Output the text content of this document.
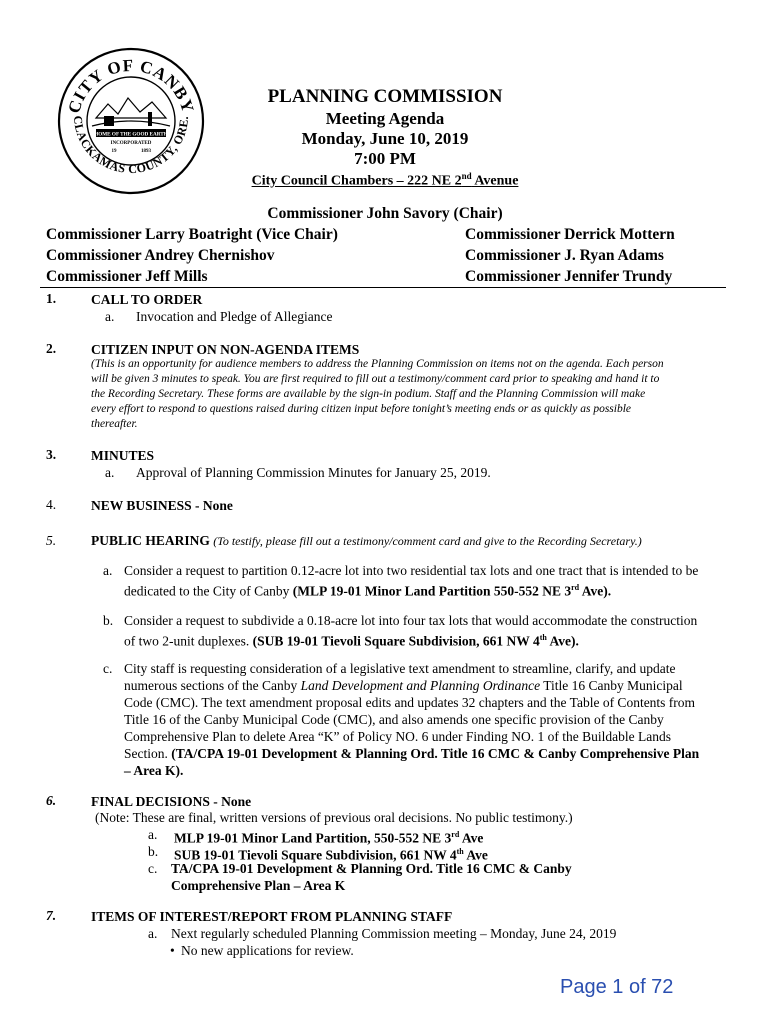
CITY OF CANBY
CLACKAMAS COUNTY, ORE.
HOME OF THE GOOD EARTH
INCORPORATED
19	1893
PLANNING COMMISSION
Meeting Agenda
Monday, June 10, 2019
7:00 PM
City Council Chambers – 222 NE 2nd Avenue
Commissioner John Savory (Chair)
Commissioner Larry Boatright (Vice Chair)
Commissioner Andrey Chernishov
Commissioner Jeff Mills
Commissioner Derrick Mottern
Commissioner J. Ryan Adams
Commissioner Jennifer Trundy
1.	CALL TO ORDER
a. Invocation and Pledge of Allegiance
2.	CITIZEN INPUT ON NON-AGENDA ITEMS
(This is an opportunity for audience members to address the Planning Commission on items not on the agenda. Each person
will be given 3 minutes to speak. You are first required to fill out a testimony/comment card prior to speaking and hand it to
the Recording Secretary. These forms are available by the sign-in podium. Staff and the Planning Commission will make
every effort to respond to questions raised during citizen input before tonight’s meeting ends or as quickly as possible
thereafter.
3.	MINUTES
a. Approval of Planning Commission Minutes for January 25, 2019.
4.	NEW BUSINESS - None
5.	PUBLIC HEARING (To testify, please fill out a testimony/comment card and give to the Recording Secretary.)
a. Consider a request to partition 0.12-acre lot into two residential tax lots and one tract that is intended to be
dedicated to the City of Canby (MLP 19-01 Minor Land Partition 550-552 NE 3rd Ave).
b. Consider a request to subdivide a 0.18-acre lot into four tax lots that would accommodate the construction
of two 2-unit duplexes. (SUB 19-01 Tievoli Square Subdivision, 661 NW 4th Ave).
c. City staff is requesting consideration of a legislative text amendment to streamline, clarify, and update
numerous sections of the Canby Land Development and Planning Ordinance Title 16 Canby Municipal
Code (CMC). The text amendment proposal edits and updates 32 chapters and the Table of Contents from
Title 16 of the Canby Municipal Code (CMC), and also amends one specific provision of the Canby
Comprehensive Plan to delete Area “K” of Policy NO. 6 under Finding NO. 1 of the Buildable Lands
Section. (TA/CPA 19-01 Development & Planning Ord. Title 16 CMC & Canby Comprehensive Plan
– Area K).
6.	FINAL DECISIONS - None
(Note: These are final, written versions of previous oral decisions. No public testimony.)
a. MLP 19-01 Minor Land Partition, 550-552 NE 3rd Ave
b. SUB 19-01 Tievoli Square Subdivision, 661 NW 4th Ave
c. TA/CPA 19-01 Development & Planning Ord. Title 16 CMC & Canby
Comprehensive Plan – Area K
7.	ITEMS OF INTEREST/REPORT FROM PLANNING STAFF
a. Next regularly scheduled Planning Commission meeting – Monday, June 24, 2019
• No new applications for review.
Page 1 of 72
